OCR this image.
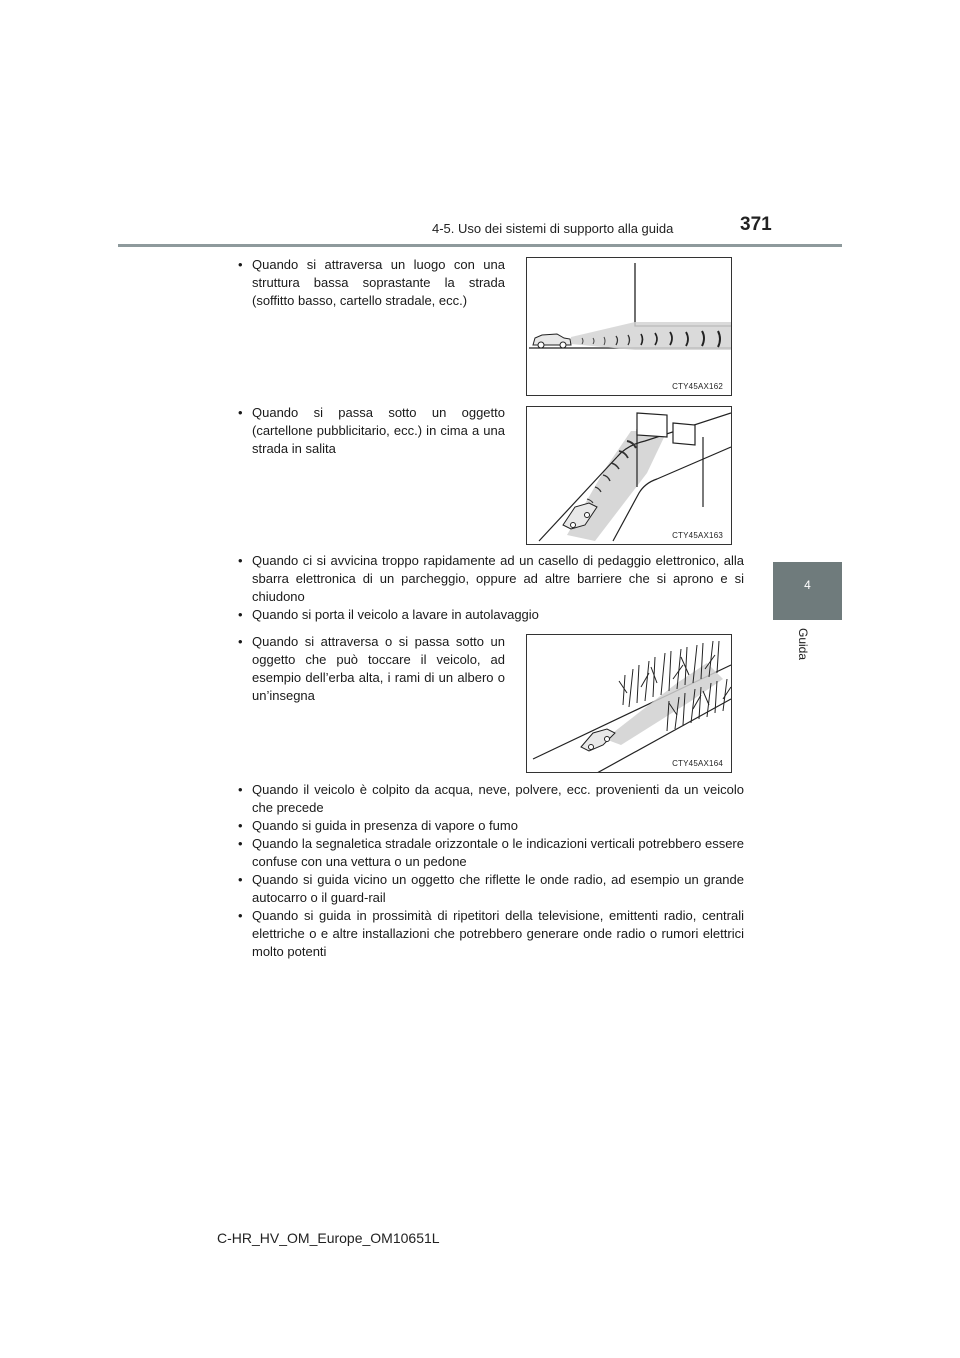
4-5. Uso dei sistemi di supporto alla guida	371
4
Guida
• Quando si attraversa un luogo con una struttura bassa soprastante la strada (soffitto basso, cartello stradale, ecc.)
CTY45AX162
• Quando si passa sotto un oggetto (cartellone pubblicitario, ecc.) in cima a una strada in salita
CTY45AX163
• Quando ci si avvicina troppo rapidamente ad un casello di pedaggio elettronico, alla sbarra elettronica di un parcheggio, oppure ad altre barriere che si aprono e si chiudono
• Quando si porta il veicolo a lavare in autolavaggio
• Quando si attraversa o si passa sotto un oggetto che può toccare il veicolo, ad esempio dell’erba alta, i rami di un albero o un’insegna
CTY45AX164
• Quando il veicolo è colpito da acqua, neve, polvere, ecc. provenienti da un veicolo che precede
• Quando si guida in presenza di vapore o fumo
• Quando la segnaletica stradale orizzontale o le indicazioni verticali potrebbero essere confuse con una vettura o un pedone
• Quando si guida vicino un oggetto che riflette le onde radio, ad esempio un grande autocarro o il guard-rail
• Quando si guida in prossimità di ripetitori della televisione, emittenti radio, centrali elettriche o e altre installazioni che potrebbero generare onde radio o rumori elettrici molto potenti
C-HR_HV_OM_Europe_OM10651L
